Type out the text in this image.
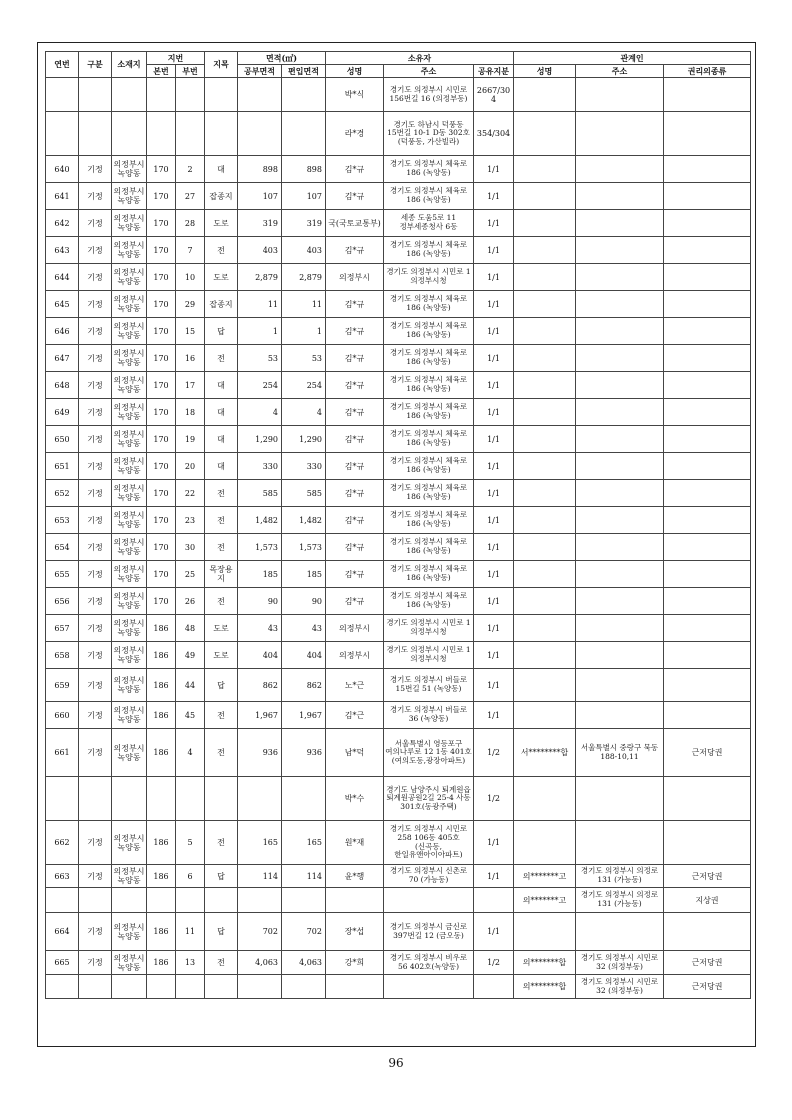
연번	구분	소재지	지번		지목	면적(㎡)		소유자			관계인		
			본번	부번		공부면적	편입면적	성명	주소	공유지분	성명	주소	권리의종류
								박*식	경기도 의정부시 시민로 156번길 16 (의정부동)	2667/304			
								라*경	경기도 하남시 덕풍동 15번길 10-1 D동 302호 (덕풍동, 가산빌라)	354/304			
640	기정	의정부시 녹양동	170	2	대	898	898	김*규	경기도 의정부시 체육로 186 (녹양동)	1/1			
641	기정	의정부시 녹양동	170	27	잡종지	107	107	김*규	경기도 의정부시 체육로 186 (녹양동)	1/1			
642	기정	의정부시 녹양동	170	28	도로	319	319	국(국토교통부)	세종 도움5로 11 정부세종청사 6동	1/1			
643	기정	의정부시 녹양동	170	7	전	403	403	김*규	경기도 의정부시 체육로 186 (녹양동)	1/1			
644	기정	의정부시 녹양동	170	10	도로	2,879	2,879	의정부시	경기도 의정부시 시민로 1 의정부시청	1/1			
645	기정	의정부시 녹양동	170	29	잡종지	11	11	김*규	경기도 의정부시 체육로 186 (녹양동)	1/1			
646	기정	의정부시 녹양동	170	15	답	1	1	김*규	경기도 의정부시 체육로 186 (녹양동)	1/1			
647	기정	의정부시 녹양동	170	16	전	53	53	김*규	경기도 의정부시 체육로 186 (녹양동)	1/1			
648	기정	의정부시 녹양동	170	17	대	254	254	김*규	경기도 의정부시 체육로 186 (녹양동)	1/1			
649	기정	의정부시 녹양동	170	18	대	4	4	김*규	경기도 의정부시 체육로 186 (녹양동)	1/1			
650	기정	의정부시 녹양동	170	19	대	1,290	1,290	김*규	경기도 의정부시 체육로 186 (녹양동)	1/1			
651	기정	의정부시 녹양동	170	20	대	330	330	김*규	경기도 의정부시 체육로 186 (녹양동)	1/1			
652	기정	의정부시 녹양동	170	22	전	585	585	김*규	경기도 의정부시 체육로 186 (녹양동)	1/1			
653	기정	의정부시 녹양동	170	23	전	1,482	1,482	김*규	경기도 의정부시 체육로 186 (녹양동)	1/1			
654	기정	의정부시 녹양동	170	30	전	1,573	1,573	김*규	경기도 의정부시 체육로 186 (녹양동)	1/1			
655	기정	의정부시 녹양동	170	25	목장용지	185	185	김*규	경기도 의정부시 체육로 186 (녹양동)	1/1			
656	기정	의정부시 녹양동	170	26	전	90	90	김*규	경기도 의정부시 체육로 186 (녹양동)	1/1			
657	기정	의정부시 녹양동	186	48	도로	43	43	의정부시	경기도 의정부시 시민로 1 의정부시청	1/1			
658	기정	의정부시 녹양동	186	49	도로	404	404	의정부시	경기도 의정부시 시민로 1 의정부시청	1/1			
659	기정	의정부시 녹양동	186	44	답	862	862	노*근	경기도 의정부시 버들로 15번길 51 (녹양동)	1/1			
660	기정	의정부시 녹양동	186	45	전	1,967	1,967	김*근	경기도 의정부시 버들로 36 (녹양동)	1/1			
661	기정	의정부시 녹양동	186	4	전	936	936	남*덕	서울특별시 영등포구 여의나루로 12 1동 401호 (여의도동,광장아파트)	1/2	서********합	서울특별시 중랑구 묵동 188-10,11	근저당권
								박*수	경기도 남양주시 퇴계원읍 퇴계원공원2길 25-4 사동 301호(동광주택)	1/2			
662	기정	의정부시 녹양동	186	5	전	165	165	원*재	경기도 의정부시 시민로 258 106동 405호 (신곡동,한일유앤아이아파트)	1/1			
663	기정	의정부시 녹양동	186	6	답	114	114	윤*행	경기도 의정부시 신촌로 70 (가능동)	1/1	의*******고	경기도 의정부시 의정로 131 (가능동)	근저당권
											의*******고	경기도 의정부시 의정로 131 (가능동)	지상권
664	기정	의정부시 녹양동	186	11	답	702	702	장*섭	경기도 의정부시 금신로 397번길 12 (금오동)	1/1			
665	기정	의정부시 녹양동	186	13	전	4,063	4,063	강*희	경기도 의정부시 비우로 56 402호(녹양동)	1/2	의*******합	경기도 의정부시 시민로 32 (의정부동)	근저당권
											의*******합	경기도 의정부시 시민로 32 (의정부동)	근저당권
96
